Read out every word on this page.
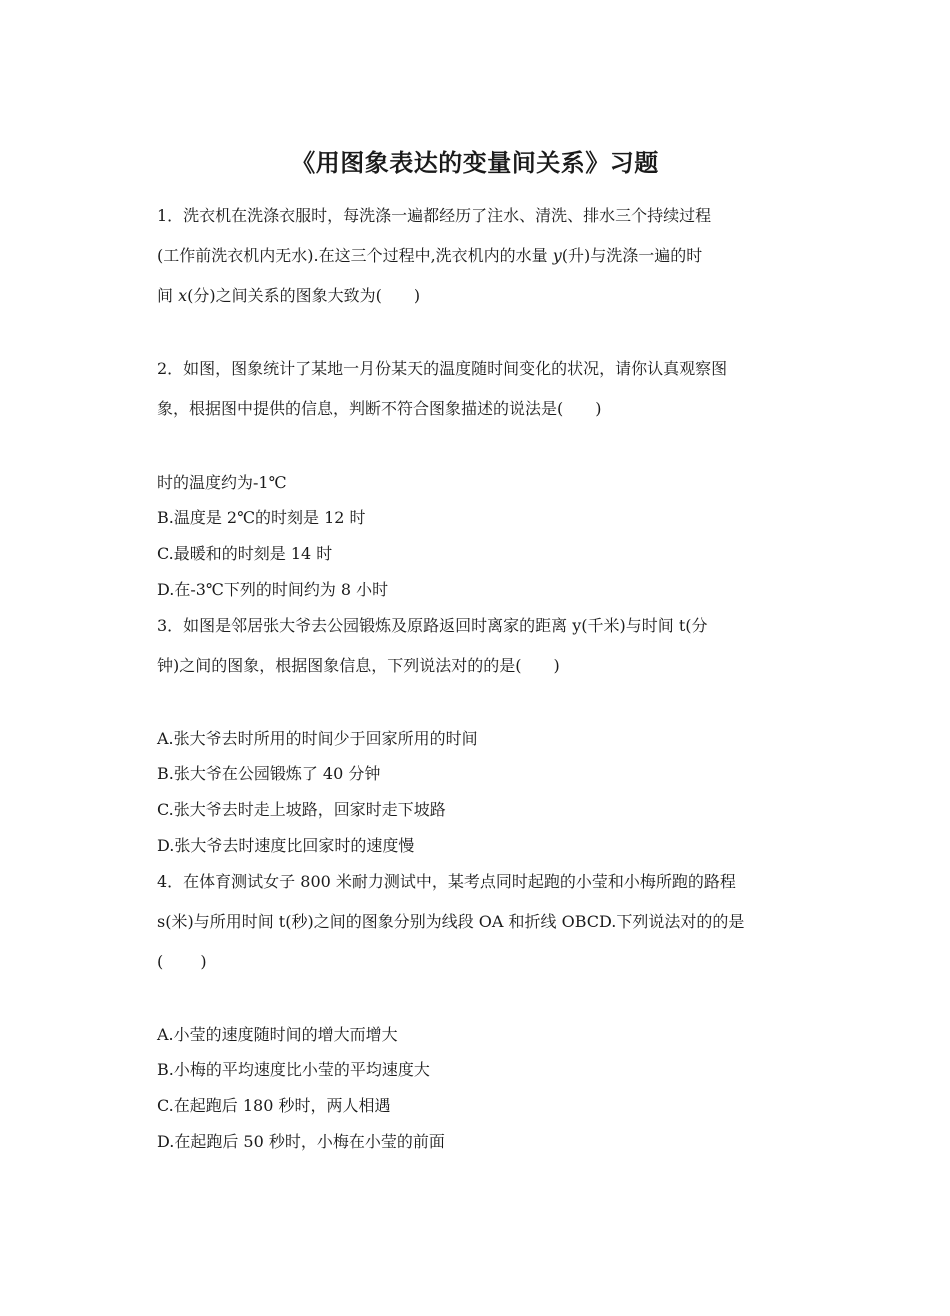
《用图象表达的变量间关系》习题
1．洗衣机在洗涤衣服时，每洗涤一遍都经历了注水、清洗、排水三个持续过程
(工作前洗衣机内无水).在这三个过程中,洗衣机内的水量 y(升)与洗涤一遍的时
间 x(分)之间关系的图象大致为(　　)
2．如图，图象统计了某地一月份某天的温度随时间变化的状况，请你认真观察图
象，根据图中提供的信息，判断不符合图象描述的说法是(　　)
时的温度约为-1℃
B.温度是 2℃的时刻是 12 时
C.最暖和的时刻是 14 时
D.在-3℃下列的时间约为 8 小时
3．如图是邻居张大爷去公园锻炼及原路返回时离家的距离 y(千米)与时间 t(分
钟)之间的图象，根据图象信息，下列说法对的的是(　　)
A.张大爷去时所用的时间少于回家所用的时间
B.张大爷在公园锻炼了 40 分钟
C.张大爷去时走上坡路，回家时走下坡路
D.张大爷去时速度比回家时的速度慢
4．在体育测试女子 800 米耐力测试中，某考点同时起跑的小莹和小梅所跑的路程
s(米)与所用时间 t(秒)之间的图象分别为线段 OA 和折线 OBCD.下列说法对的的是
(　　 )
A.小莹的速度随时间的增大而增大
B.小梅的平均速度比小莹的平均速度大
C.在起跑后 180 秒时，两人相遇
D.在起跑后 50 秒时，小梅在小莹的前面
